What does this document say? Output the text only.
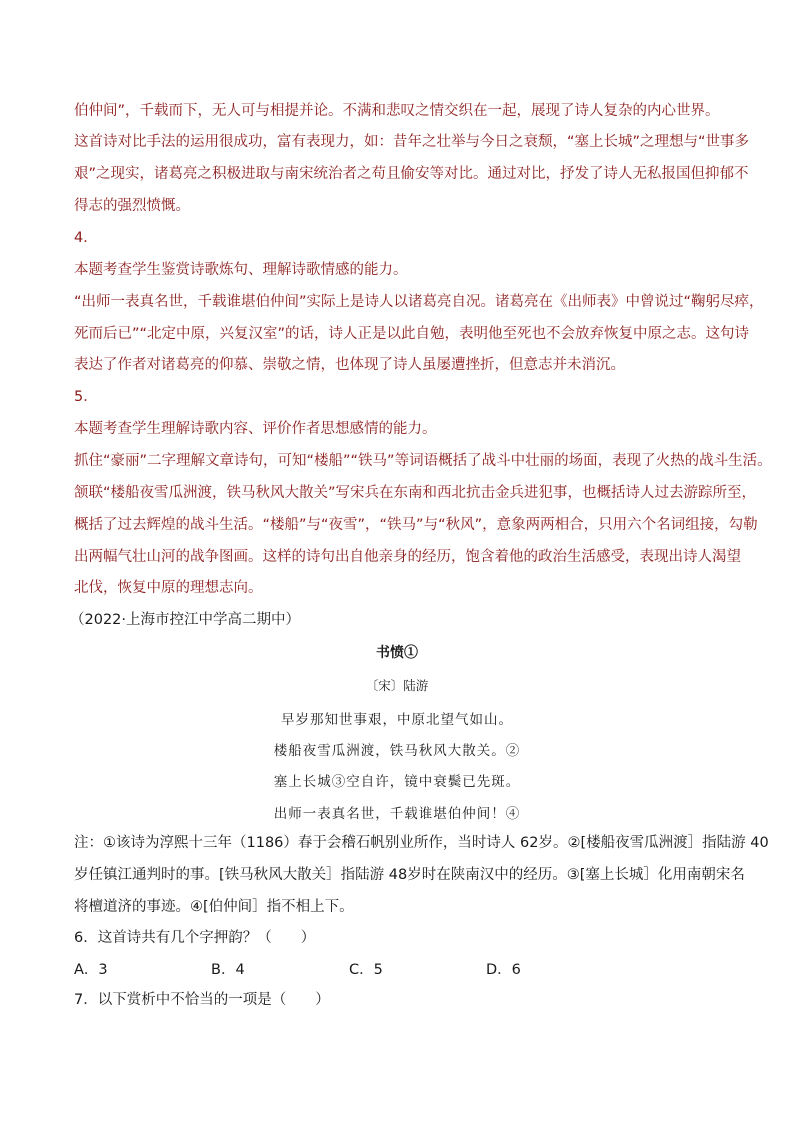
伯仲间”，千载而下，无人可与相提并论。不满和悲叹之情交织在一起，展现了诗人复杂的内心世界。
这首诗对比手法的运用很成功，富有表现力，如：昔年之壮举与今日之衰颓，“塞上长城”之理想与“世事多
艰”之现实，诸葛亮之积极进取与南宋统治者之苟且偷安等对比。通过对比，抒发了诗人无私报国但抑郁不
得志的强烈愤慨。
4．
本题考查学生鉴赏诗歌炼句、理解诗歌情感的能力。
“出师一表真名世，千载谁堪伯仲间”实际上是诗人以诸葛亮自况。诸葛亮在《出师表》中曾说过“鞠躬尽瘁，
死而后已”“北定中原，兴复汉室”的话，诗人正是以此自勉，表明他至死也不会放弃恢复中原之志。这句诗
表达了作者对诸葛亮的仰慕、崇敬之情，也体现了诗人虽屡遭挫折，但意志并未消沉。
5．
本题考查学生理解诗歌内容、评价作者思想感情的能力。
抓住“豪丽”二字理解文章诗句，可知“楼船”“铁马”等词语概括了战斗中壮丽的场面，表现了火热的战斗生活。
颔联“楼船夜雪瓜洲渡，铁马秋风大散关”写宋兵在东南和西北抗击金兵进犯事，也概括诗人过去游踪所至，
概括了过去辉煌的战斗生活。“楼船”与“夜雪”，“铁马”与“秋风”，意象两两相合，只用六个名词组接，勾勒
出两幅气壮山河的战争图画。这样的诗句出自他亲身的经历，饱含着他的政治生活感受，表现出诗人渴望
北伐，恢复中原的理想志向。
（2022·上海市控江中学高二期中）
书愤①
〔宋〕陆游
早岁那知世事艰，中原北望气如山。
楼船夜雪瓜洲渡，铁马秋风大散关。②
塞上长城③空自许，镜中衰鬓已先斑。
出师一表真名世，千载谁堪伯仲间！④
注：①该诗为淳熙十三年（1186）春于会稽石帆别业所作，当时诗人 62岁。②[楼船夜雪瓜洲渡］指陆游 40
岁任镇江通判时的事。[铁马秋风大散关］指陆游 48岁时在陕南汉中的经历。③[塞上长城］化用南朝宋名
将檀道济的事迹。④[伯仲间］指不相上下。
6．这首诗共有几个字押韵？（　　）
A．3	B．4	C．5	D．6
7．以下赏析中不恰当的一项是（　　）
